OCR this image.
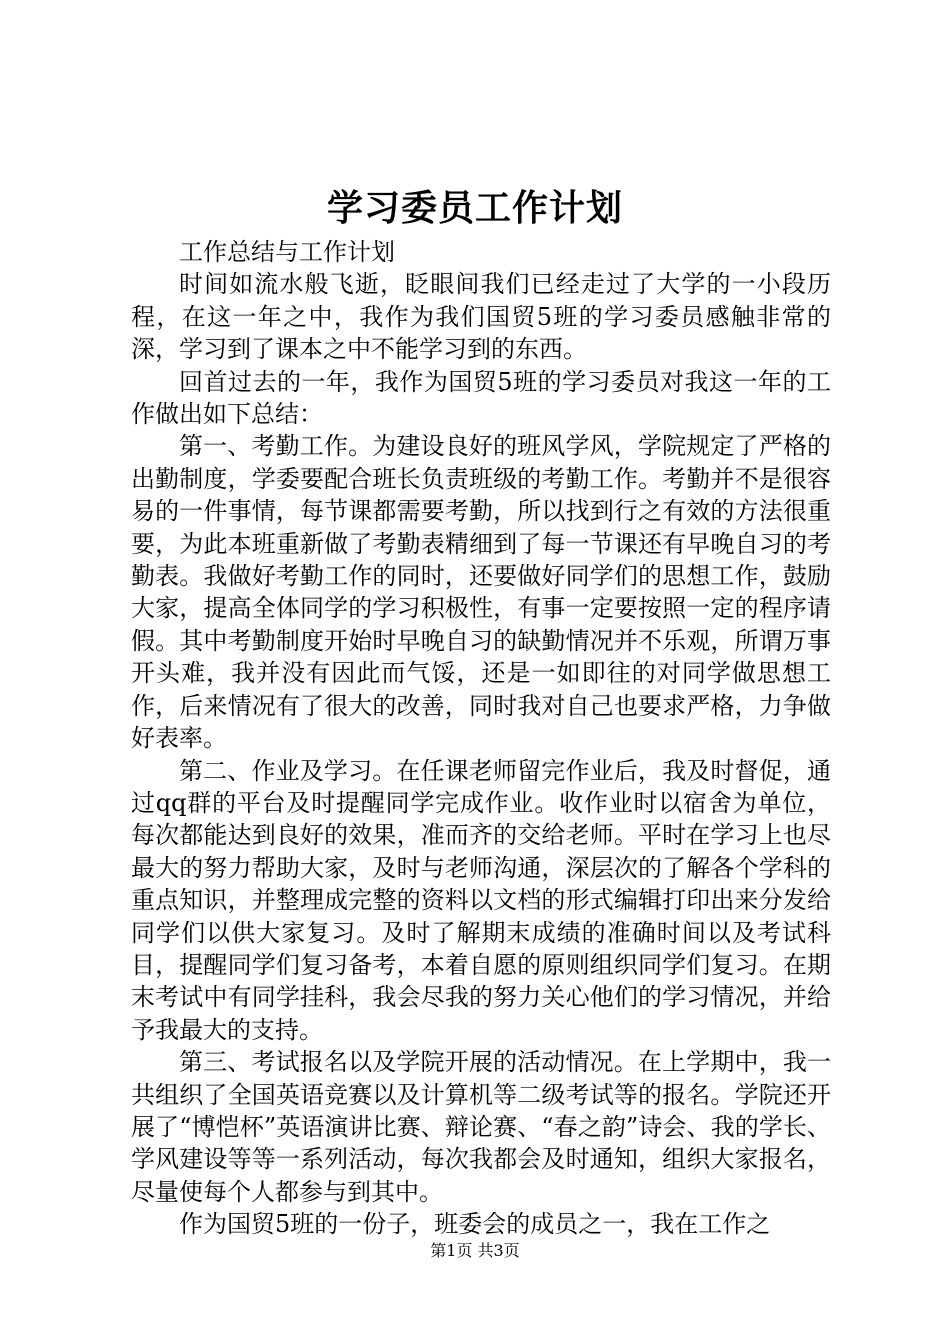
学习委员工作计划

工作总结与工作计划

时间如流水般飞逝，眨眼间我们已经走过了大学的一小段历程，在这一年之中，我作为我们国贸5班的学习委员感触非常的深，学习到了课本之中不能学习到的东西。

回首过去的一年，我作为国贸5班的学习委员对我这一年的工作做出如下总结：

第一、考勤工作。为建设良好的班风学风，学院规定了严格的出勤制度，学委要配合班长负责班级的考勤工作。考勤并不是很容易的一件事情，每节课都需要考勤，所以找到行之有效的方法很重要，为此本班重新做了考勤表精细到了每一节课还有早晚自习的考勤表。我做好考勤工作的同时，还要做好同学们的思想工作，鼓励大家，提高全体同学的学习积极性，有事一定要按照一定的程序请假。其中考勤制度开始时早晚自习的缺勤情况并不乐观，所谓万事开头难，我并没有因此而气馁，还是一如即往的对同学做思想工作，后来情况有了很大的改善，同时我对自己也要求严格，力争做好表率。

第二、作业及学习。在任课老师留完作业后，我及时督促，通过qq群的平台及时提醒同学完成作业。收作业时以宿舍为单位，每次都能达到良好的效果，准而齐的交给老师。平时在学习上也尽最大的努力帮助大家，及时与老师沟通，深层次的了解各个学科的重点知识，并整理成完整的资料以文档的形式编辑打印出来分发给同学们以供大家复习。及时了解期末成绩的准确时间以及考试科目，提醒同学们复习备考，本着自愿的原则组织同学们复习。在期末考试中有同学挂科，我会尽我的努力关心他们的学习情况，并给予我最大的支持。

第三、考试报名以及学院开展的活动情况。在上学期中，我一共组织了全国英语竞赛以及计算机等二级考试等的报名。学院还开展了“博恺杯”英语演讲比赛、辩论赛、“春之韵”诗会、我的学长、学风建设等等一系列活动，每次我都会及时通知，组织大家报名，尽量使每个人都参与到其中。

作为国贸5班的一份子，班委会的成员之一，我在工作之

第1页 共3页
